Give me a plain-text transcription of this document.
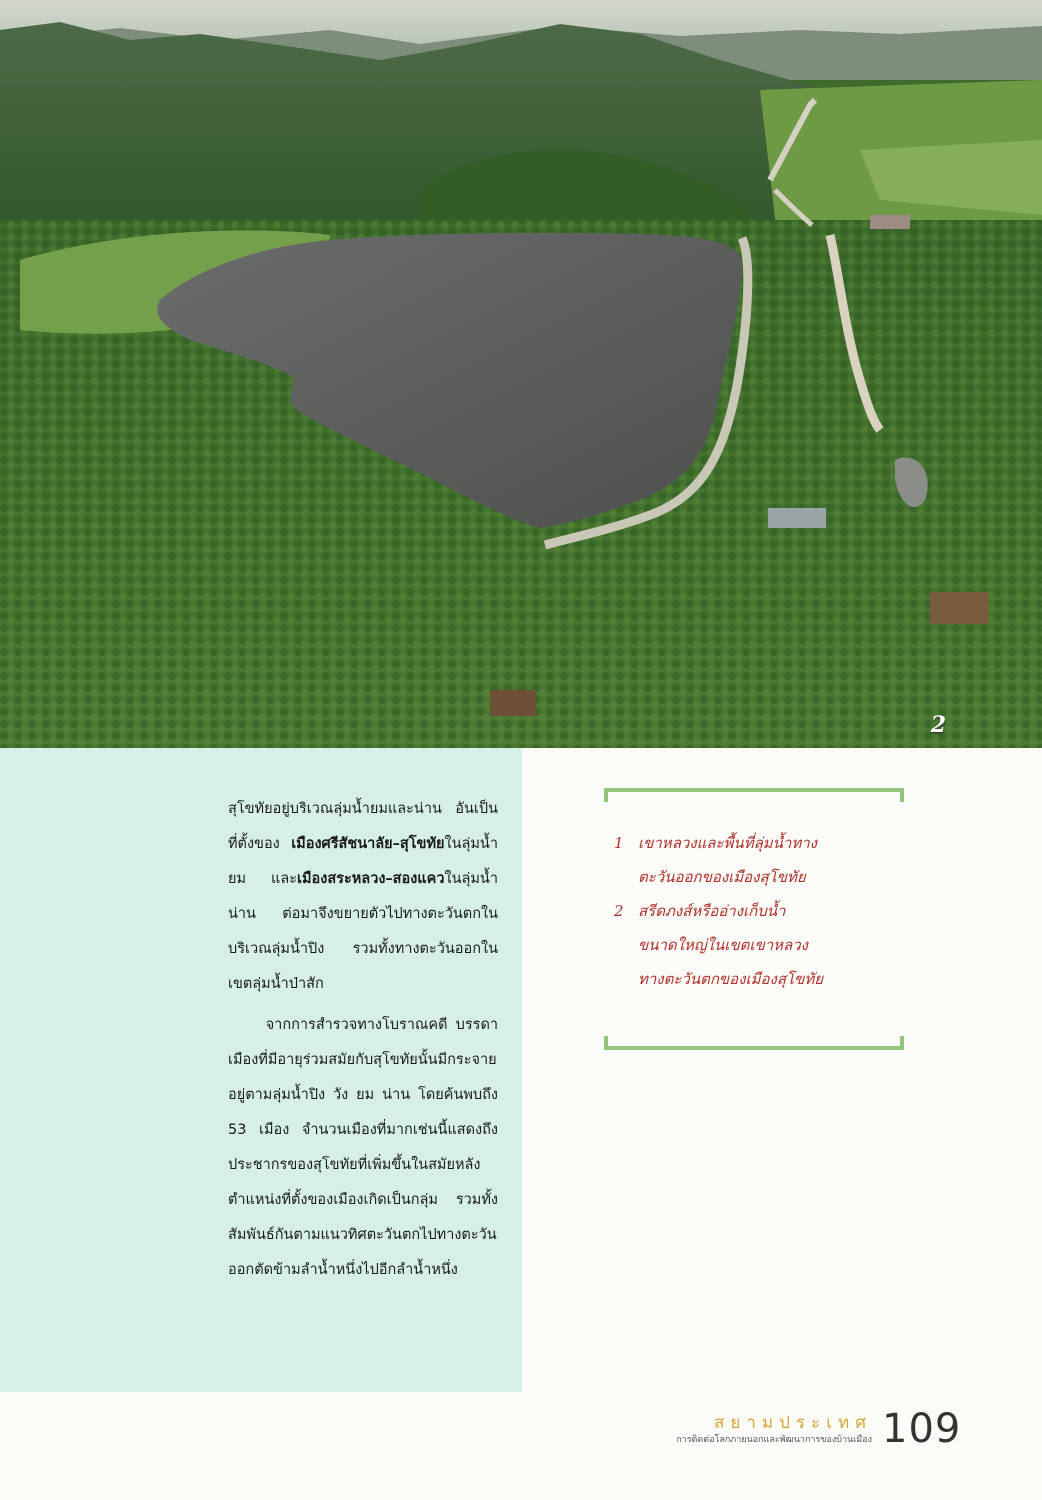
2

สุโขทัยอยู่บริเวณลุ่มน้ำยมและน่าน อันเป็นที่ตั้งของ เมืองศรีสัชนาลัย–สุโขทัยในลุ่มน้ำยม และเมืองสระหลวง–สองแควในลุ่มน้ำน่าน ต่อมาจึงขยายตัวไปทางตะวันตกในบริเวณลุ่มน้ำปิง รวมทั้งทางตะวันออกในเขตลุ่มน้ำป่าสัก

จากการสำรวจทางโบราณคดี บรรดาเมืองที่มีอายุร่วมสมัยกับสุโขทัยนั้นมีกระจายอยู่ตามลุ่มน้ำปิง วัง ยม น่าน โดยค้นพบถึง 53 เมือง จำนวนเมืองที่มากเช่นนี้แสดงถึงประชากรของสุโขทัยที่เพิ่มขึ้นในสมัยหลัง ตำแหน่งที่ตั้งของเมืองเกิดเป็นกลุ่ม รวมทั้งสัมพันธ์กันตามแนวทิศตะวันตกไปทางตะวันออกตัดข้ามลำน้ำหนึ่งไปอีกลำน้ำหนึ่ง

1 เขาหลวงและพื้นที่ลุ่มน้ำทาง
ตะวันออกของเมืองสุโขทัย
2 สรีดภงส์หรืออ่างเก็บน้ำ
ขนาดใหญ่ในเขตเขาหลวง
ทางตะวันตกของเมืองสุโขทัย
สยามประเทศ
การติดต่อโลกภายนอกและพัฒนาการของบ้านเมือง 109
